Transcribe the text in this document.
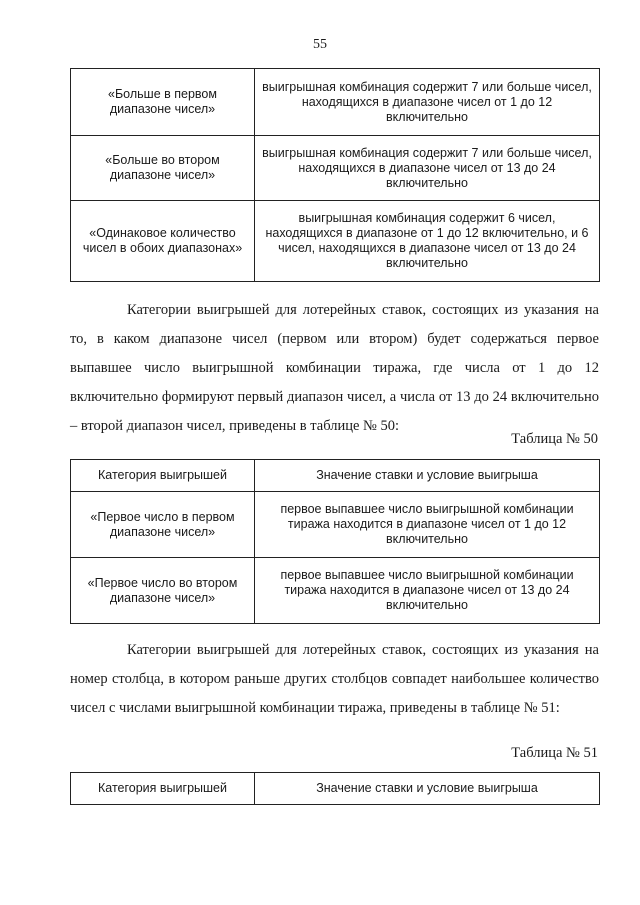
55
«Больше в первом диапазоне чисел»	выигрышная комбинация содержит 7 или больше чисел, находящихся в диапазоне чисел от 1 до 12 включительно
«Больше во втором диапазоне чисел»	выигрышная комбинация содержит 7 или больше чисел, находящихся в диапазоне чисел от 13 до 24 включительно
«Одинаковое количество чисел в обоих диапазонах»	выигрышная комбинация содержит 6 чисел, находящихся в диапазоне от 1 до 12 включительно, и 6 чисел, находящихся в диапазоне чисел от 13 до 24 включительно

Категории выигрышей для лотерейных ставок, состоящих из указания на то, в каком диапазоне чисел (первом или втором) будет содержаться первое выпавшее число выигрышной комбинации тиража, где числа от 1 до 12 включительно формируют первый диапазон чисел, а числа от 13 до 24 включительно – второй диапазон чисел, приведены в таблице № 50:

Таблица № 50
Категория выигрышей	Значение ставки и условие выигрыша
«Первое число в первом диапазоне чисел»	первое выпавшее число выигрышной комбинации тиража находится в диапазоне чисел от 1 до 12 включительно
«Первое число во втором диапазоне чисел»	первое выпавшее число выигрышной комбинации тиража находится в диапазоне чисел от 13 до 24 включительно

Категории выигрышей для лотерейных ставок, состоящих из указания на номер столбца, в котором раньше других столбцов совпадет наибольшее количество чисел с числами выигрышной комбинации тиража, приведены в таблице № 51:

Таблица № 51
Категория выигрышей	Значение ставки и условие выигрыша
